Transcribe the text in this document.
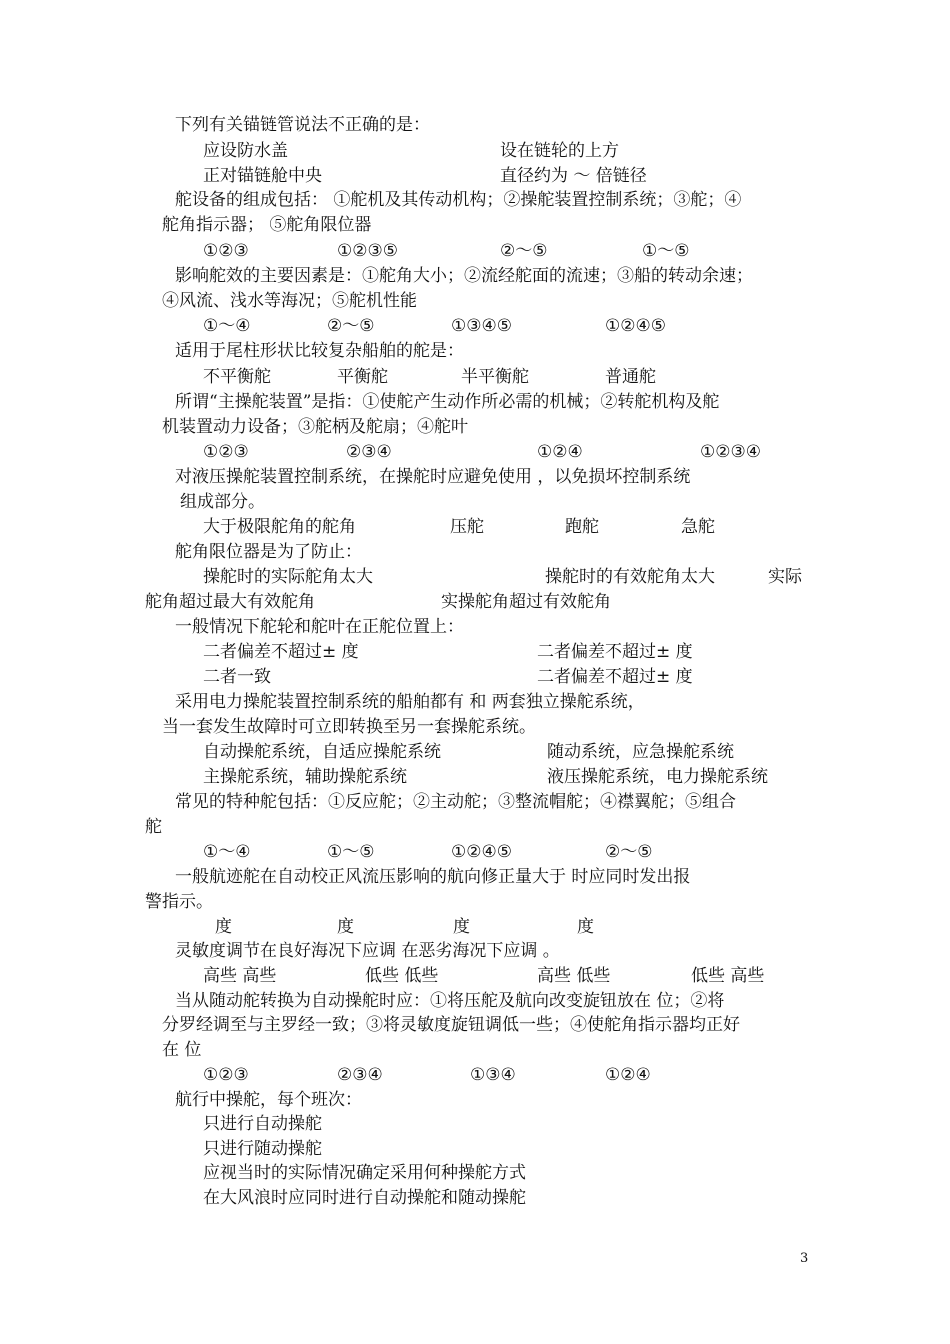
下列有关锚链管说法不正确的是：
应设防水盖	设在链轮的上方
正对锚链舱中央	直径约为 ～ 倍链径
舵设备的组成包括： ①舵机及其传动机构；②操舵装置控制系统；③舵；④
舵角指示器； ⑤舵角限位器
①②③	①②③⑤	②～⑤	①～⑤
影响舵效的主要因素是：①舵角大小；②流经舵面的流速；③船的转动余速；
④风流、浅水等海况；⑤舵机性能
①～④	②～⑤	①③④⑤	①②④⑤
适用于尾柱形状比较复杂船舶的舵是：
不平衡舵	平衡舵	半平衡舵	普通舵
所谓“主操舵装置”是指：①使舵产生动作所必需的机械；②转舵机构及舵
机装置动力设备；③舵柄及舵扇；④舵叶
①②③	②③④	①②④	①②③④
对液压操舵装置控制系统，在操舵时应避免使用 ，以免损坏控制系统
组成部分。
大于极限舵角的舵角	压舵	跑舵	急舵
舵角限位器是为了防止：
操舵时的实际舵角太大	操舵时的有效舵角太大	实际
舵角超过最大有效舵角	实操舵角超过有效舵角
一般情况下舵轮和舵叶在正舵位置上：
二者偏差不超过± 度	二者偏差不超过± 度
二者一致	二者偏差不超过± 度
采用电力操舵装置控制系统的船舶都有 和 两套独立操舵系统，
当一套发生故障时可立即转换至另一套操舵系统。
自动操舵系统，自适应操舵系统	随动系统，应急操舵系统
主操舵系统，辅助操舵系统	液压操舵系统，电力操舵系统
常见的特种舵包括：①反应舵；②主动舵；③整流帽舵；④襟翼舵；⑤组合
舵
①～④	①～⑤	①②④⑤	②～⑤
一般航迹舵在自动校正风流压影响的航向修正量大于 时应同时发出报
警指示。
度	度	度	度
灵敏度调节在良好海况下应调 在恶劣海况下应调 。
高些 高些	低些 低些	高些 低些	低些 高些
当从随动舵转换为自动操舵时应：①将压舵及航向改变旋钮放在 位；②将
分罗经调至与主罗经一致；③将灵敏度旋钮调低一些；④使舵角指示器均正好
在 位
①②③	②③④	①③④	①②④
航行中操舵，每个班次：
只进行自动操舵
只进行随动操舵
应视当时的实际情况确定采用何种操舵方式
在大风浪时应同时进行自动操舵和随动操舵
3
